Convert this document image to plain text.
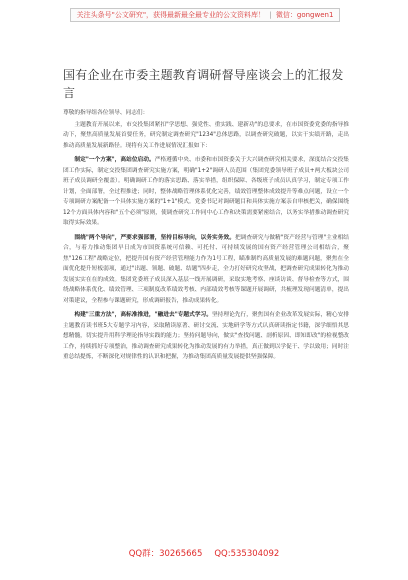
关注头条号"公文研究"，获得最新最全最专业的公文资料库！ | 微信：gongwen1
国有企业在市委主题教育调研督导座谈会上的汇报发言

尊敬的指导组各位领导、同志们：

主题教育开展以来，市交投集团紧扣"学思想、强党性、重实践、建新功"的总要求，在市国资委党委的指导推动下，聚焦高质量发展首要任务，研究制定调查研究"1234"总体思路，以调查研究破题，以实干实绩开路，走出推动高质量发展新路径。现将有关工作进展情况汇报如下：

制定"一个方案"，高站位启动。严格遵循中央、市委和市国资委关于大兴调查研究相关要求，深度结合交投集团工作实际，制定交投集团调查研究实施方案，明确"1+2"调研人员范围（集团党委领导班子成员+两大板块公司班子成员调研全覆盖）。明确调研工作的落实思路、落实举措，组织保障、各级班子成员认真学习，制定专项工作计划，全面部署，全过程推进；同时，整体战略管理体系优化完善，绩效管理整体成效提升等难点问题，设立一个专项调研方案配备一个具体实施方案的"1+1"模式。党委书记对调研题目和具体实施方案亲自审核把关，确保围绕12个方面具体内容和"五个必须"原则，使调查研究工作同中心工作和决策需要紧密结合，以务实举措推动调查研究取得实际效果。

围绕"两个导向"，严要求强部署，坚持目标导向，以务实务效。把调查研究与做精"资产经营与管理"主业相结合，与着力推动集团早日成为市国资系统可信赖、可托付、可持续发展的国有资产经营管理公司相结合，聚焦"126工程"战略定位，把提升国有资产经营管理能力作为1号工程，瞄准制约高质量发展的难题问题，聚焦在全面优化提升短板弱项，通过"出题、领题、破题、结题"四步走，全力打好研究攻坚战，把调查研究成果转化为推动发展实实在在的成效。集团党委班子成员深入基层一线开展调研，采取实地考察、座谈访谈、督导检查等方式，围绕战略体系优化、绩效管理、三项制度改革绩效考核、内部绩效考核等课题开展调研，共梳理发现问题清单，提出对策建议，全程参与课题研究，形成调研报告，推动成果转化。

构建"三重方法"，高标准推进，"融进去"专题式学习。坚持理论先行，聚焦国有企业改革发展实际，精心安排主题教育读书班5大专题学习内容，采取精读原著、研讨交流、实地研学等方式认真研读指定书籍，深学细悟其思想精髓，切实提升用科学理论指导实践的能力；坚持问题导向，做实"查找问题、剖析原因、即知即改"的检视整改工作，持续抓好专项整治，推动调查研究成果转化为推动发展的有力举措，真正做到以学促干、学以致用；同时注重总结提炼，不断深化对规律性的认识和把握，为推动集团高质量发展提供坚强保障。

QQ群：30265665 QQ:535304092
